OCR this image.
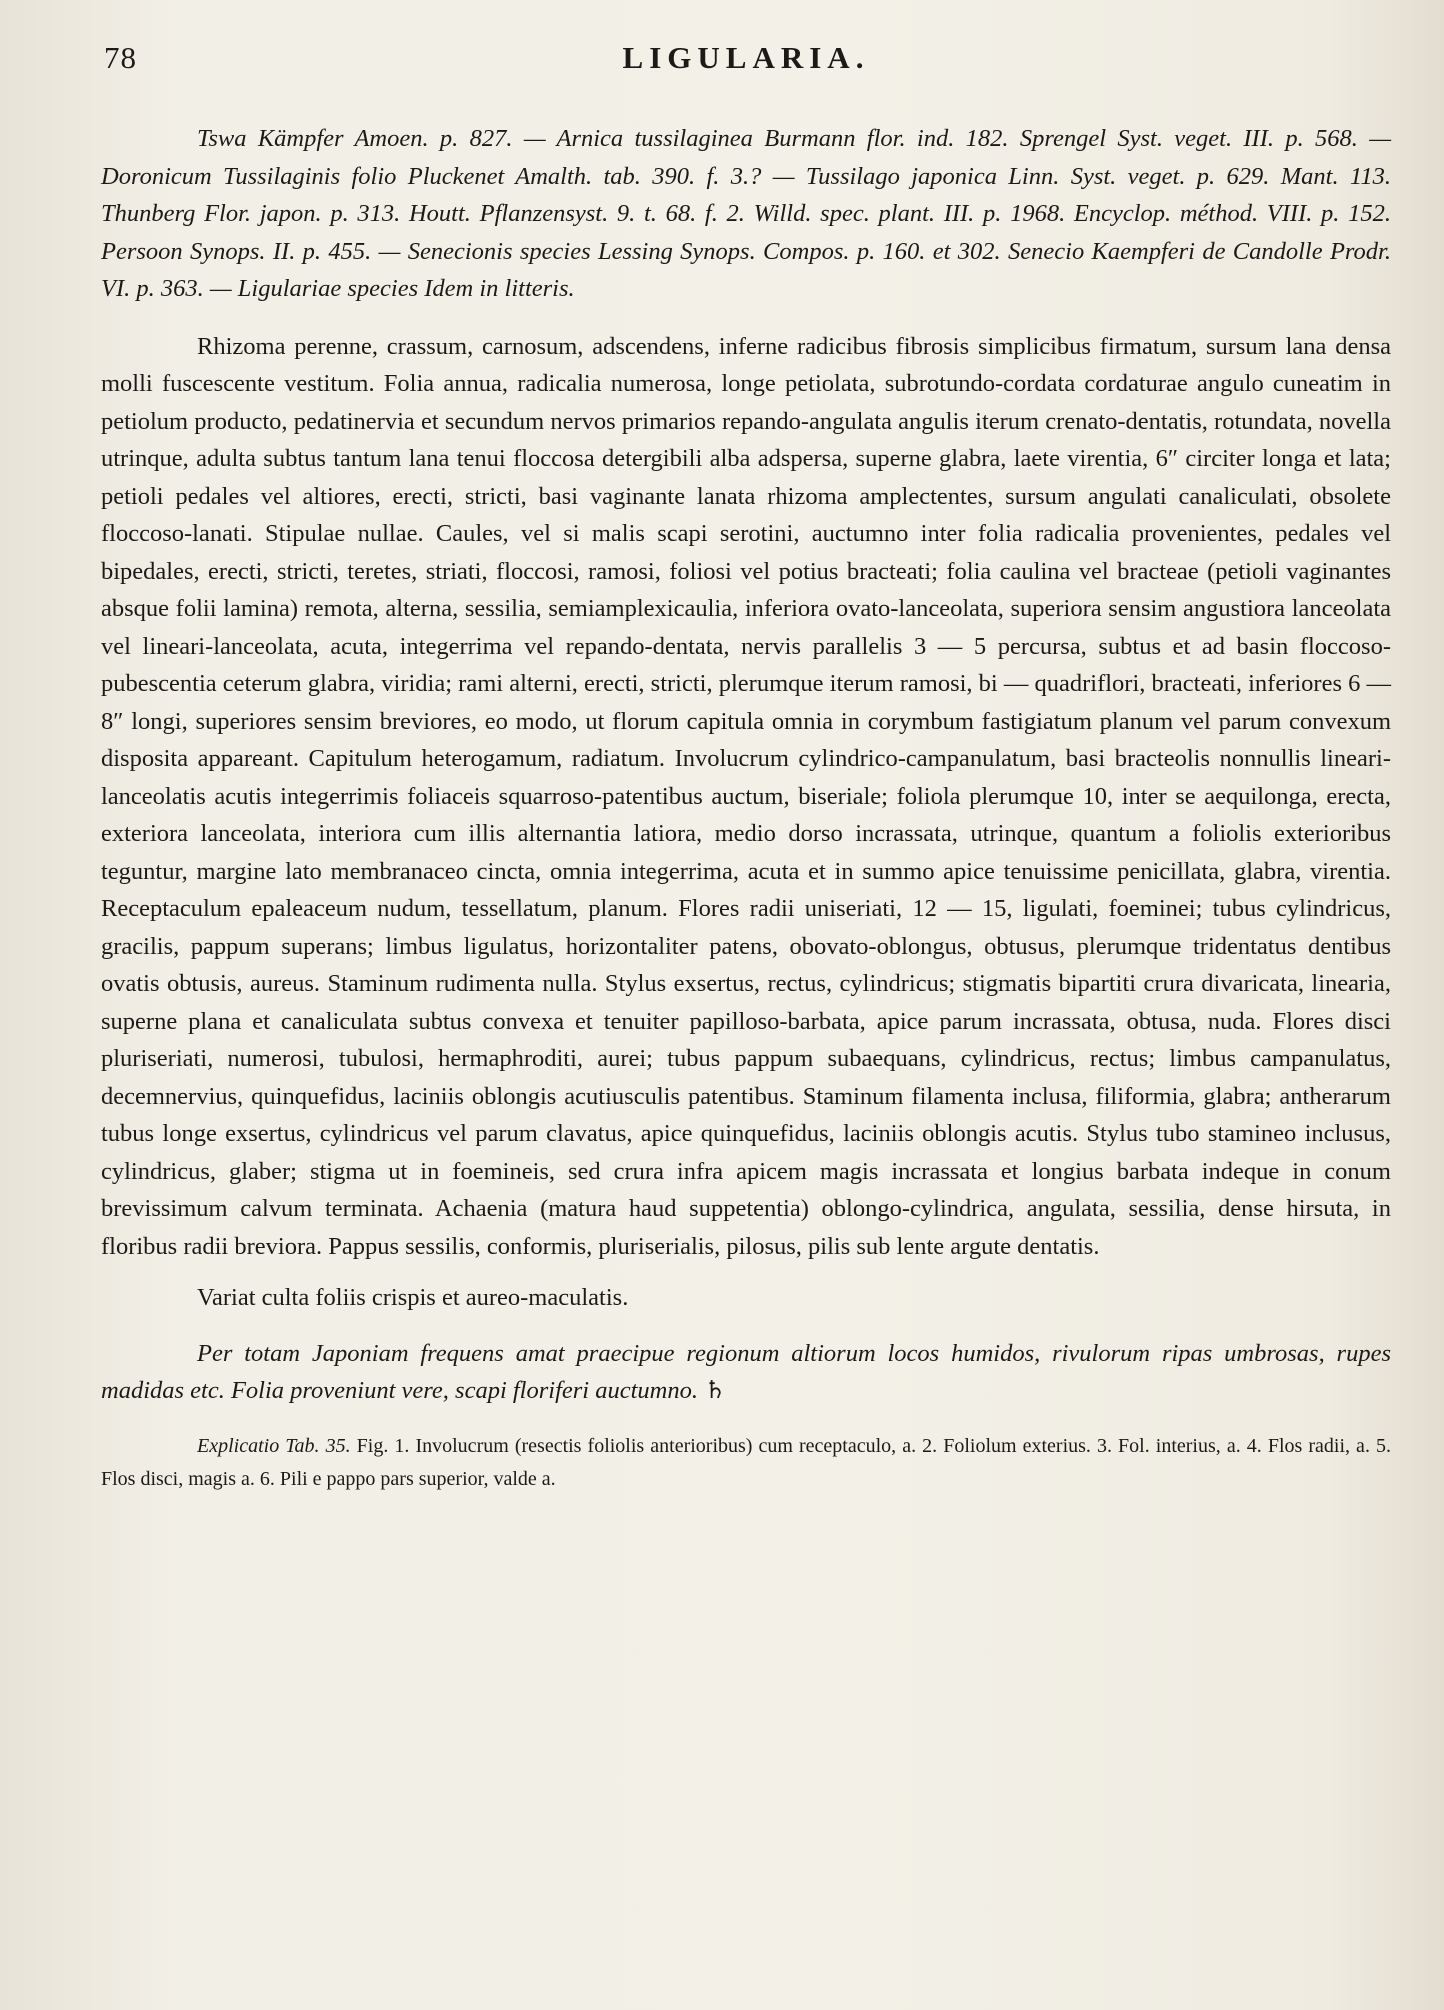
78	LIGULARIA.

Tswa Kämpfer Amoen. p. 827. — Arnica tussilaginea Burmann flor. ind. 182. Sprengel Syst. veget. III. p. 568. — Doronicum Tussilaginis folio Pluckenet Amalth. tab. 390. f. 3.? — Tussilago japonica Linn. Syst. veget. p. 629. Mant. 113. Thunberg Flor. japon. p. 313. Houtt. Pflanzensyst. 9. t. 68. f. 2. Willd. spec. plant. III. p. 1968. Encyclop. méthod. VIII. p. 152. Persoon Synops. II. p. 455. — Senecionis species Lessing Synops. Compos. p. 160. et 302. Senecio Kaempferi de Candolle Prodr. VI. p. 363. — Ligulariae species Idem in litteris.

Rhizoma perenne, crassum, carnosum, adscendens, inferne radicibus fibrosis simplicibus firmatum, sursum lana densa molli fuscescente vestitum. Folia annua, radicalia numerosa, longe petiolata, subrotundo-cordata cordaturae angulo cuneatim in petiolum producto, pedatinervia et secundum nervos primarios repando-angulata angulis iterum crenato-dentatis, rotundata, novella utrinque, adulta subtus tantum lana tenui floccosa detergibili alba adspersa, superne glabra, laete virentia, 6″ circiter longa et lata; petioli pedales vel altiores, erecti, stricti, basi vaginante lanata rhizoma amplectentes, sursum angulati canaliculati, obsolete floccoso-lanati. Stipulae nullae. Caules, vel si malis scapi serotini, auctumno inter folia radicalia provenientes, pedales vel bipedales, erecti, stricti, teretes, striati, floccosi, ramosi, foliosi vel potius bracteati; folia caulina vel bracteae (petioli vaginantes absque folii lamina) remota, alterna, sessilia, semiamplexicaulia, inferiora ovato-lanceolata, superiora sensim angustiora lanceolata vel lineari-lanceolata, acuta, integerrima vel repando-dentata, nervis parallelis 3 — 5 percursa, subtus et ad basin floccoso-pubescentia ceterum glabra, viridia; rami alterni, erecti, stricti, plerumque iterum ramosi, bi — quadriflori, bracteati, inferiores 6 — 8″ longi, superiores sensim breviores, eo modo, ut florum capitula omnia in corymbum fastigiatum planum vel parum convexum disposita appareant. Capitulum heterogamum, radiatum. Involucrum cylindrico-campanulatum, basi bracteolis nonnullis lineari-lanceolatis acutis integerrimis foliaceis squarroso-patentibus auctum, biseriale; foliola plerumque 10, inter se aequilonga, erecta, exteriora lanceolata, interiora cum illis alternantia latiora, medio dorso incrassata, utrinque, quantum a foliolis exterioribus teguntur, margine lato membranaceo cincta, omnia integerrima, acuta et in summo apice tenuissime penicillata, glabra, virentia. Receptaculum epaleaceum nudum, tessellatum, planum. Flores radii uniseriati, 12 — 15, ligulati, foeminei; tubus cylindricus, gracilis, pappum superans; limbus ligulatus, horizontaliter patens, obovato-oblongus, obtusus, plerumque tridentatus dentibus ovatis obtusis, aureus. Staminum rudimenta nulla. Stylus exsertus, rectus, cylindricus; stigmatis bipartiti crura divaricata, linearia, superne plana et canaliculata subtus convexa et tenuiter papilloso-barbata, apice parum incrassata, obtusa, nuda. Flores disci pluriseriati, numerosi, tubulosi, hermaphroditi, aurei; tubus pappum subaequans, cylindricus, rectus; limbus campanulatus, decemnervius, quinquefidus, laciniis oblongis acutiusculis patentibus. Staminum filamenta inclusa, filiformia, glabra; antherarum tubus longe exsertus, cylindricus vel parum clavatus, apice quinquefidus, laciniis oblongis acutis. Stylus tubo stamineo inclusus, cylindricus, glaber; stigma ut in foemineis, sed crura infra apicem magis incrassata et longius barbata indeque in conum brevissimum calvum terminata. Achaenia (matura haud suppetentia) oblongo-cylindrica, angulata, sessilia, dense hirsuta, in floribus radii breviora. Pappus sessilis, conformis, pluriserialis, pilosus, pilis sub lente argute dentatis.

Variat culta foliis crispis et aureo-maculatis.

Per totam Japoniam frequens amat praecipue regionum altiorum locos humidos, rivulorum ripas umbrosas, rupes madidas etc. Folia proveniunt vere, scapi floriferi auctumno. ♄

Explicatio Tab. 35. Fig. 1. Involucrum (resectis foliolis anterioribus) cum receptaculo, a. 2. Foliolum exterius. 3. Fol. interius, a. 4. Flos radii, a. 5. Flos disci, magis a. 6. Pili e pappo pars superior, valde a.
